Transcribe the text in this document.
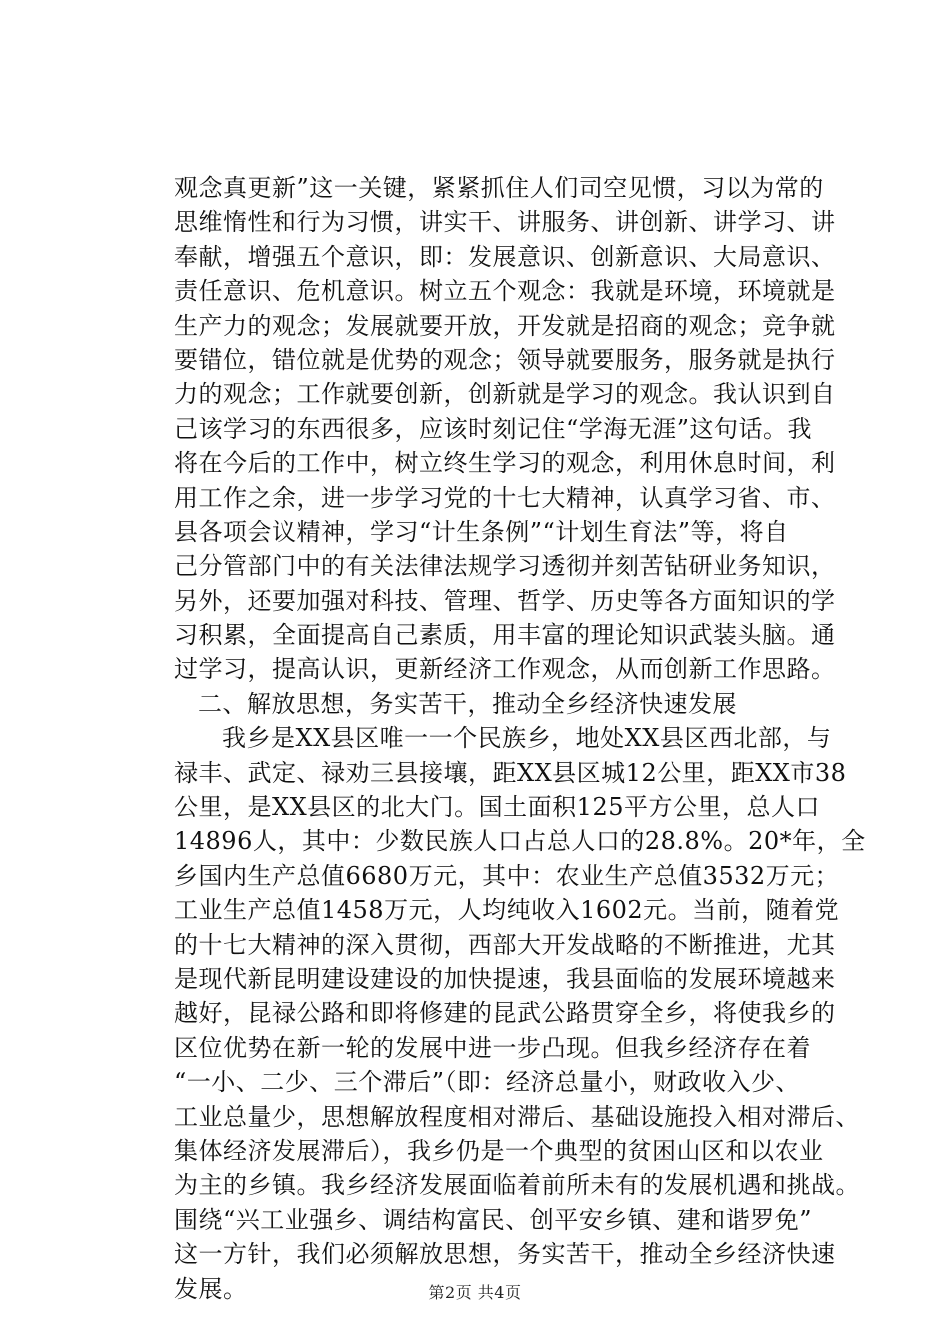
观念真更新”这一关键，紧紧抓住人们司空见惯，习以为常的
思维惰性和行为习惯，讲实干、讲服务、讲创新、讲学习、讲
奉献，增强五个意识，即：发展意识、创新意识、大局意识、
责任意识、危机意识。树立五个观念：我就是环境，环境就是
生产力的观念；发展就要开放，开发就是招商的观念；竞争就
要错位，错位就是优势的观念；领导就要服务，服务就是执行
力的观念；工作就要创新，创新就是学习的观念。我认识到自
己该学习的东西很多，应该时刻记住“学海无涯”这句话。我
将在今后的工作中，树立终生学习的观念，利用休息时间，利
用工作之余，进一步学习党的十七大精神，认真学习省、市、
县各项会议精神，学习“计生条例”“计划生育法”等，将自
己分管部门中的有关法律法规学习透彻并刻苦钻研业务知识，
另外，还要加强对科技、管理、哲学、历史等各方面知识的学
习积累，全面提高自己素质，用丰富的理论知识武装头脑。通
过学习，提高认识，更新经济工作观念，从而创新工作思路。
二、解放思想，务实苦干，推动全乡经济快速发展
我乡是XX县区唯一一个民族乡，地处XX县区西北部，与
禄丰、武定、禄劝三县接壤，距XX县区城12公里，距XX市38
公里，是XX县区的北大门。国土面积125平方公里，总人口
14896人，其中：少数民族人口占总人口的28.8%。20*年，全
乡国内生产总值6680万元，其中：农业生产总值3532万元；
工业生产总值1458万元，人均纯收入1602元。当前，随着党
的十七大精神的深入贯彻，西部大开发战略的不断推进，尤其
是现代新昆明建设建设的加快提速，我县面临的发展环境越来
越好，昆禄公路和即将修建的昆武公路贯穿全乡，将使我乡的
区位优势在新一轮的发展中进一步凸现。但我乡经济存在着
“一小、二少、三个滞后”（即：经济总量小，财政收入少、
工业总量少，思想解放程度相对滞后、基础设施投入相对滞后、
集体经济发展滞后），我乡仍是一个典型的贫困山区和以农业
为主的乡镇。我乡经济发展面临着前所未有的发展机遇和挑战。
围绕“兴工业强乡、调结构富民、创平安乡镇、建和谐罗免”
这一方针，我们必须解放思想，务实苦干，推动全乡经济快速
发展。	第2页 共4页
